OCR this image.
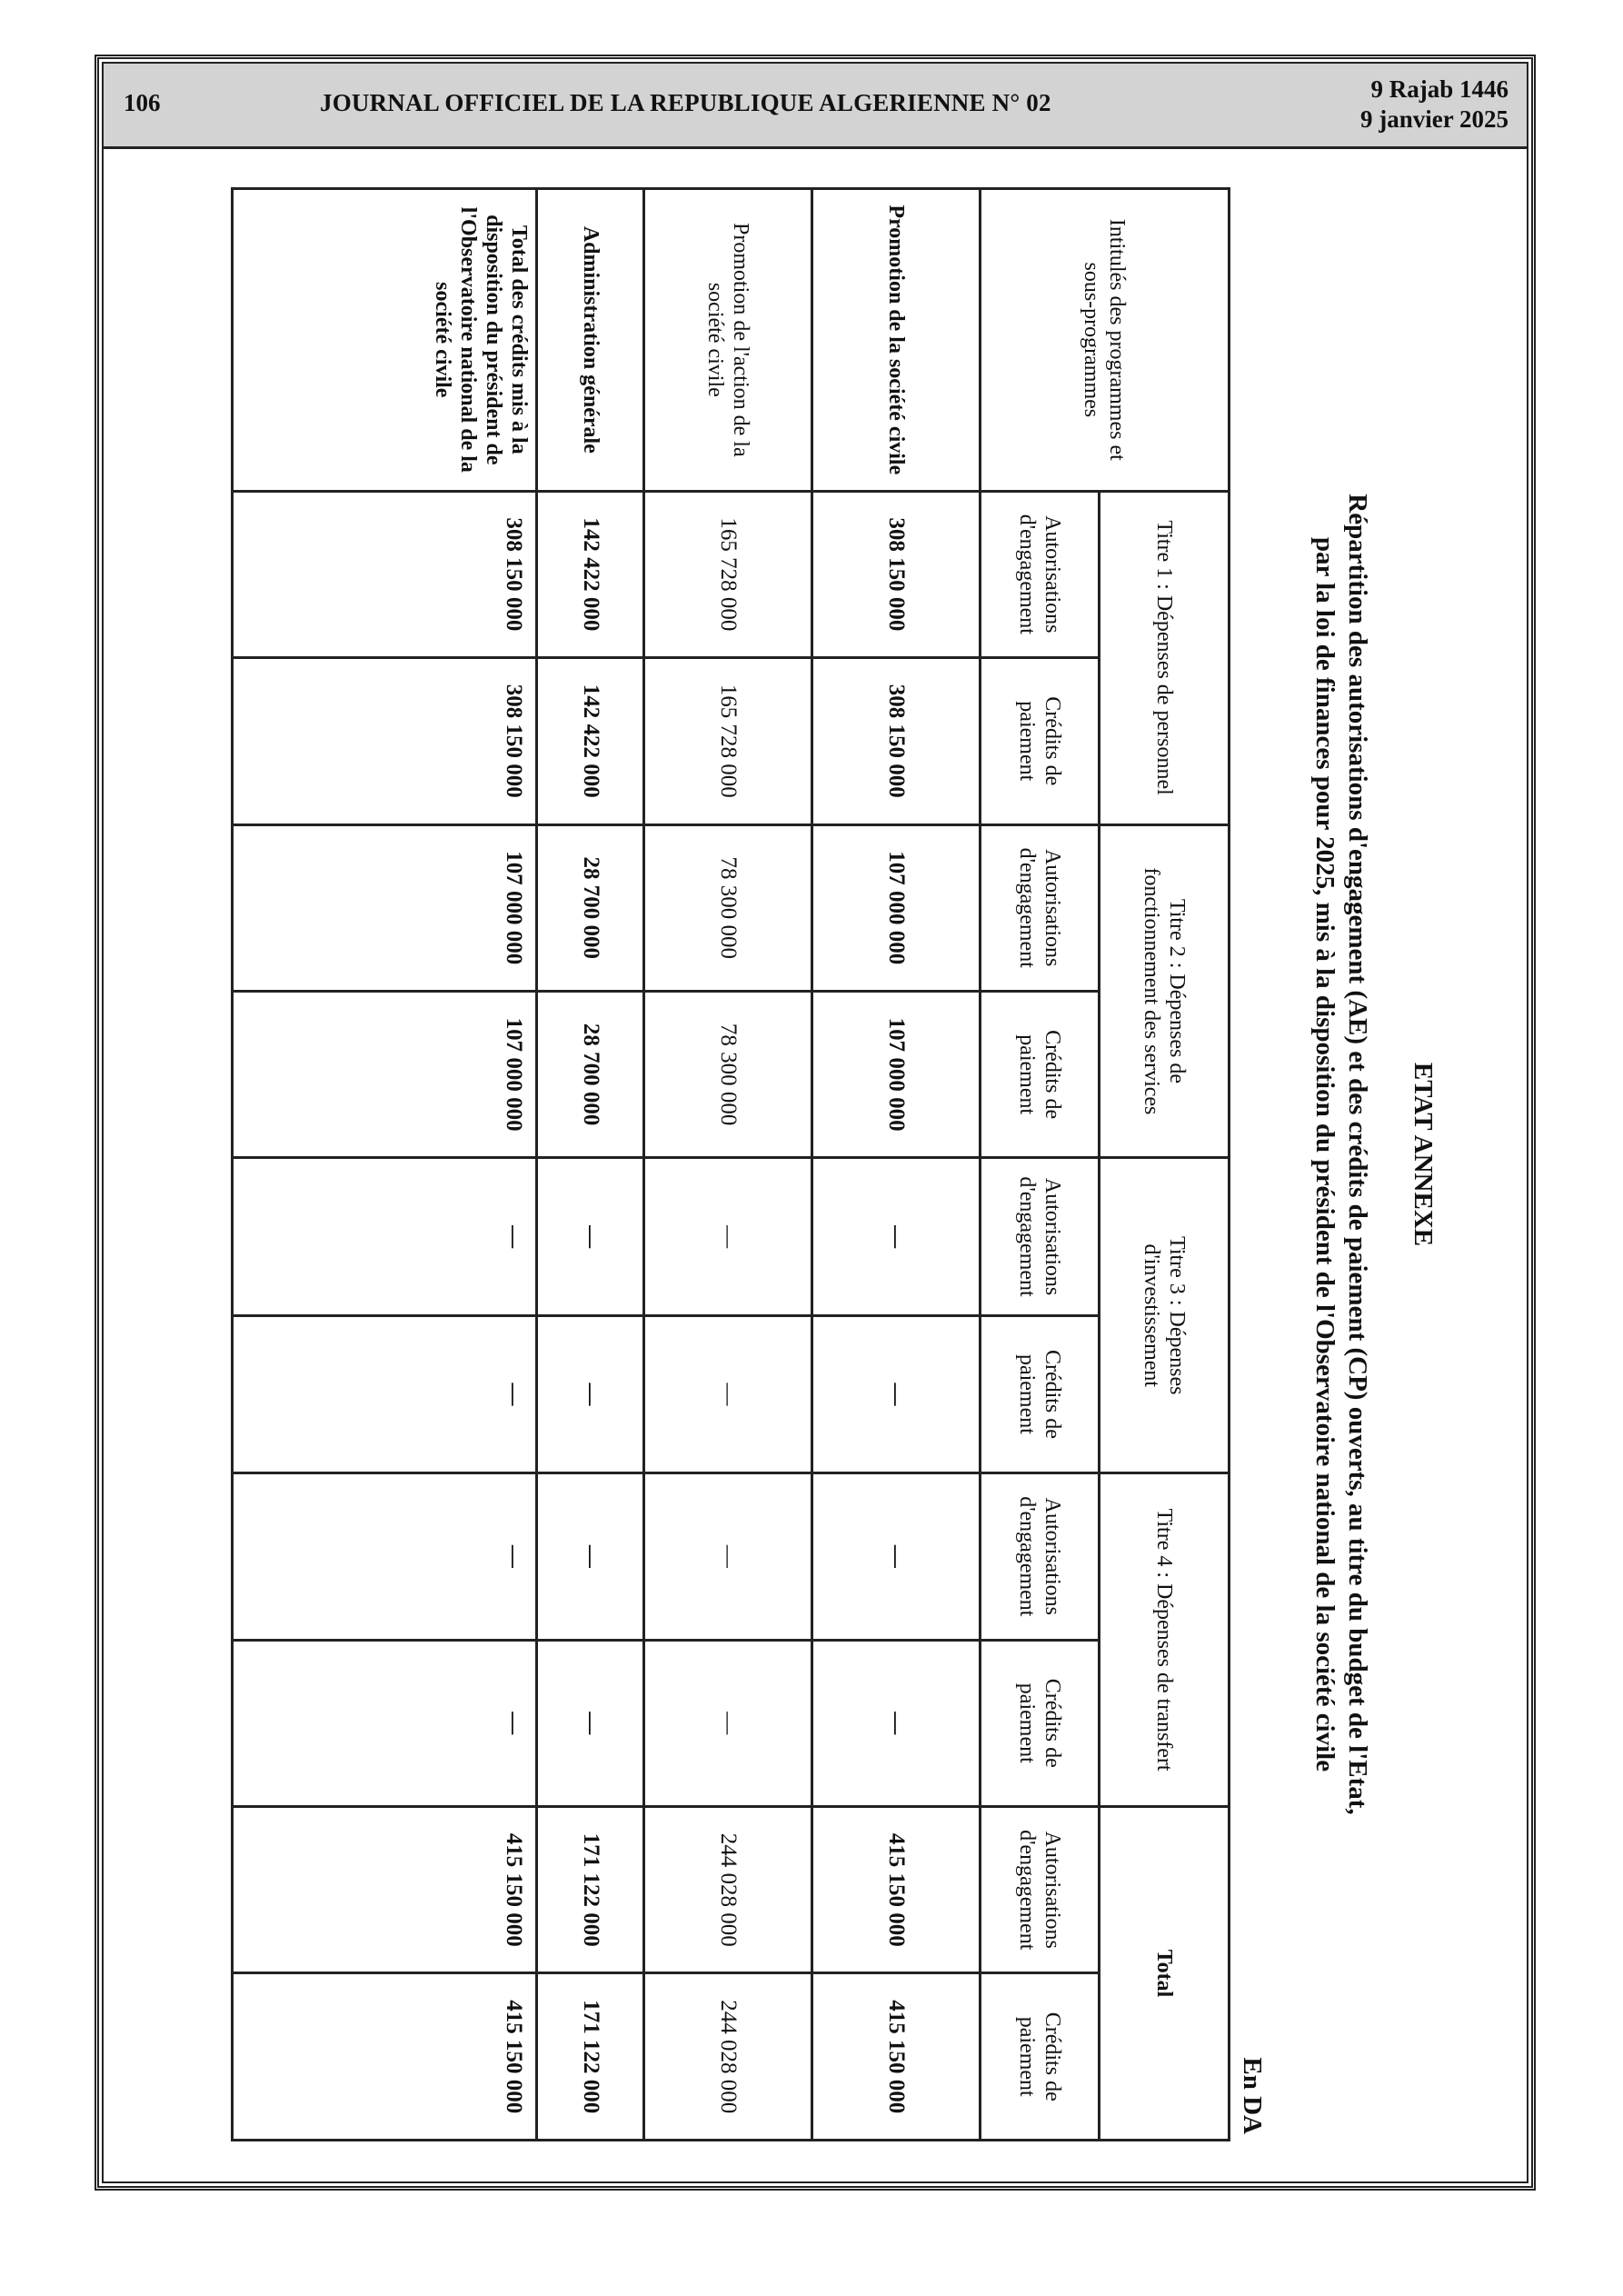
106	JOURNAL OFFICIEL DE LA REPUBLIQUE ALGERIENNE N° 02	9 Rajab 1446
9 janvier 2025
ETAT ANNEXE
Répartition des autorisations d'engagement (AE) et des crédits de paiement (CP) ouverts, au titre du budget de l'Etat,
par la loi de finances pour 2025, mis à la disposition du président de l'Observatoire national de la société civile
En DA
Intitulés des programmes et sous-programmes	Titre 1 : Dépenses de personnel		Titre 2 : Dépenses de fonctionnement des services		Titre 3 : Dépenses d'investissement		Titre 4 : Dépenses de transfert		Total	
	Autorisations d'engagement	Crédits de paiement	Autorisations d'engagement	Crédits de paiement	Autorisations d'engagement	Crédits de paiement	Autorisations d'engagement	Crédits de paiement	Autorisations d'engagement	Crédits de paiement
Promotion de la société civile	308 150 000	308 150 000	107 000 000	107 000 000	—	—	—	—	415 150 000	415 150 000
Promotion de l'action de la société civile	165 728 000	165 728 000	78 300 000	78 300 000	—	—	—	—	244 028 000	244 028 000
Administration générale	142 422 000	142 422 000	28 700 000	28 700 000	—	—	—	—	171 122 000	171 122 000
Total des crédits mis à la disposition du président de l'Observatoire national de la société civile	308 150 000	308 150 000	107 000 000	107 000 000	—	—	—	—	415 150 000	415 150 000
